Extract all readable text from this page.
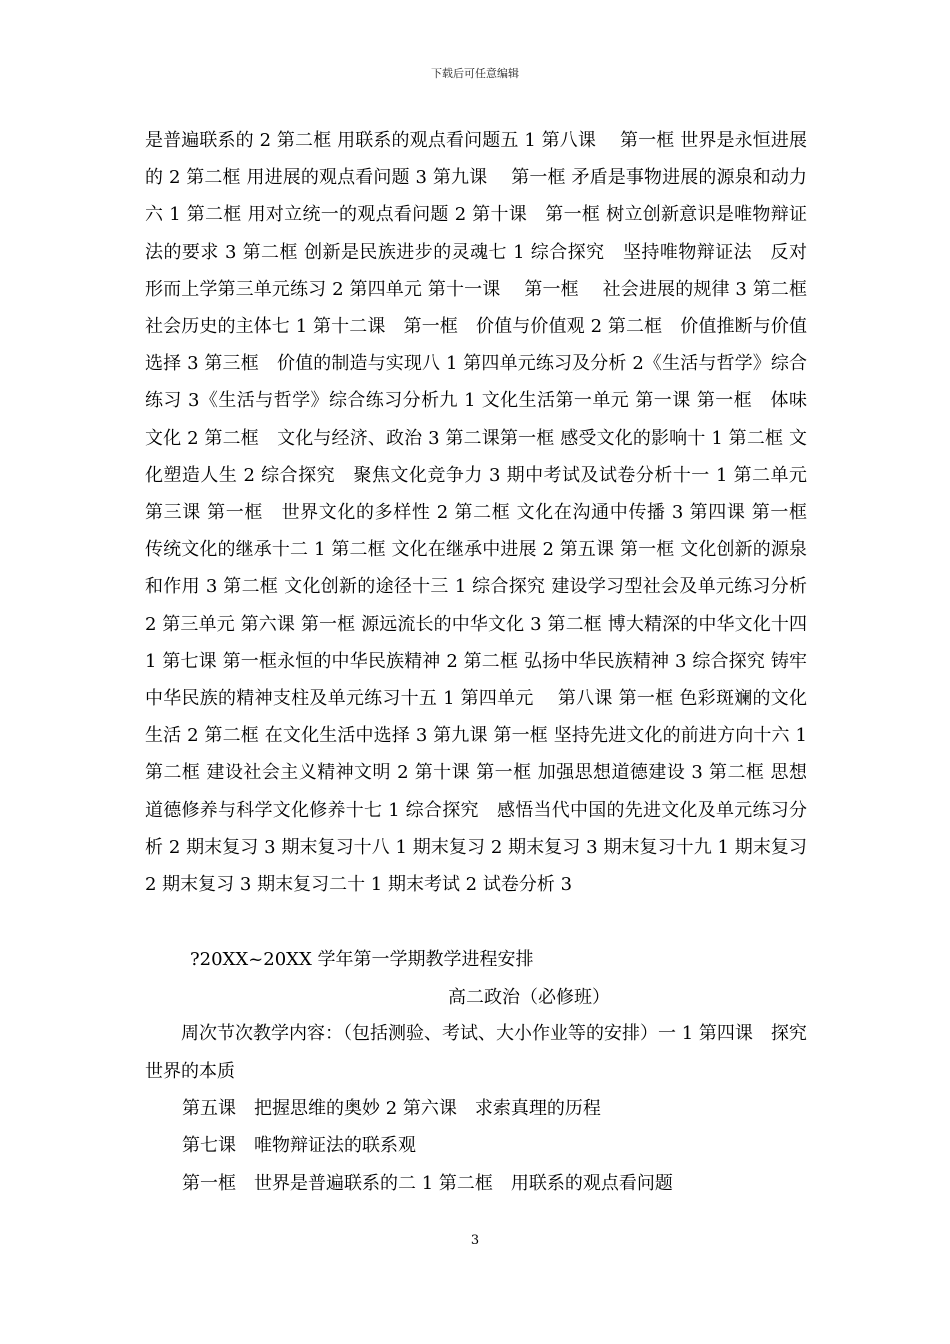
下载后可任意编辑

是普遍联系的 2 第二框 用联系的观点看问题五 1 第八课　 第一框 世界是永恒进展的 2 第二框 用进展的观点看问题 3 第九课　 第一框 矛盾是事物进展的源泉和动力六 1 第二框 用对立统一的观点看问题 2 第十课　第一框 树立创新意识是唯物辩证法的要求 3 第二框 创新是民族进步的灵魂七 1 综合探究　坚持唯物辩证法　反对形而上学第三单元练习 2 第四单元 第十一课　 第一框　 社会进展的规律 3 第二框　 社会历史的主体七 1 第十二课　第一框　价值与价值观 2 第二框　价值推断与价值选择 3 第三框　价值的制造与实现八 1 第四单元练习及分析 2《生活与哲学》综合练习 3《生活与哲学》综合练习分析九 1 文化生活第一单元 第一课 第一框　体味文化 2 第二框　文化与经济、政治 3 第二课第一框 感受文化的影响十 1 第二框 文化塑造人生 2 综合探究　聚焦文化竞争力 3 期中考试及试卷分析十一 1 第二单元 第三课 第一框　世界文化的多样性 2 第二框 文化在沟通中传播 3 第四课 第一框　传统文化的继承十二 1 第二框 文化在继承中进展 2 第五课 第一框 文化创新的源泉和作用 3 第二框 文化创新的途径十三 1 综合探究 建设学习型社会及单元练习分析 2 第三单元 第六课 第一框 源远流长的中华文化 3 第二框 博大精深的中华文化十四 1 第七课 第一框永恒的中华民族精神 2 第二框 弘扬中华民族精神 3 综合探究 铸牢中华民族的精神支柱及单元练习十五 1 第四单元　 第八课 第一框 色彩斑斓的文化生活 2 第二框 在文化生活中选择 3 第九课 第一框 坚持先进文化的前进方向十六 1 第二框 建设社会主义精神文明 2 第十课 第一框 加强思想道德建设 3 第二框 思想道德修养与科学文化修养十七 1 综合探究　感悟当代中国的先进文化及单元练习分析 2 期末复习 3 期末复习十八 1 期末复习 2 期末复习 3 期末复习十九 1 期末复习 2 期末复习 3 期末复习二十 1 期末考试 2 试卷分析 3

?20XX~20XX 学年第一学期教学进程安排
高二政治（必修班）
周次节次教学内容：（包括测验、考试、大小作业等的安排）一 1 第四课　探究世界的本质
第五课　把握思维的奥妙 2 第六课　求索真理的历程
第七课　唯物辩证法的联系观
第一框　世界是普遍联系的二 1 第二框　用联系的观点看问题
3
